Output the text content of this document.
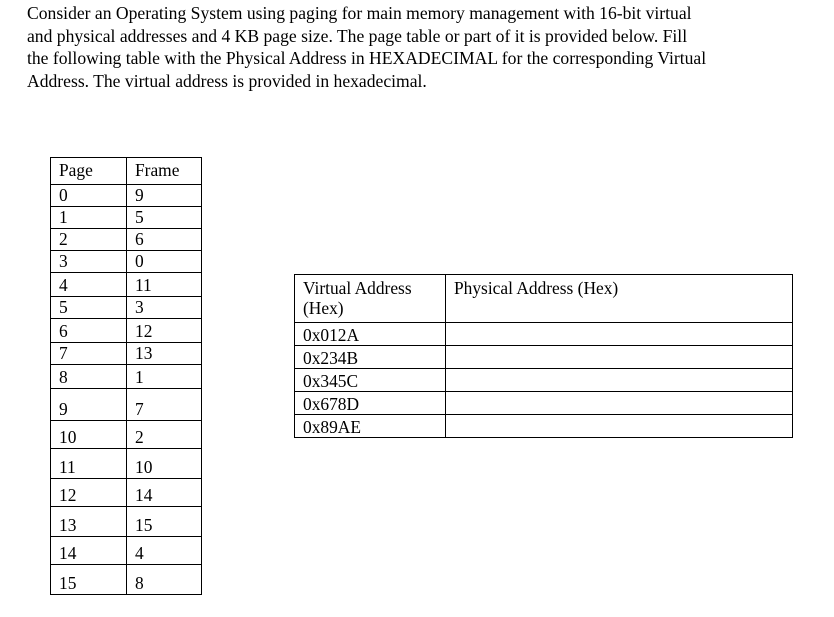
Consider an Operating System using paging for main memory management with 16-bit virtual
and physical addresses and 4 KB page size. The page table or part of it is provided below. Fill
the following table with the Physical Address in HEXADECIMAL for the corresponding Virtual
Address. The virtual address is provided in hexadecimal.
Page	Frame
0	9
1	5
2	6
3	0
4	11
5	3
6	12
7	13
8	1
9	7
10	2
11	10
12	14
13	15
14	4
15	8
Virtual Address (Hex)	Physical Address (Hex)
0x012A	
0x234B	
0x345C	
0x678D	
0x89AE	
